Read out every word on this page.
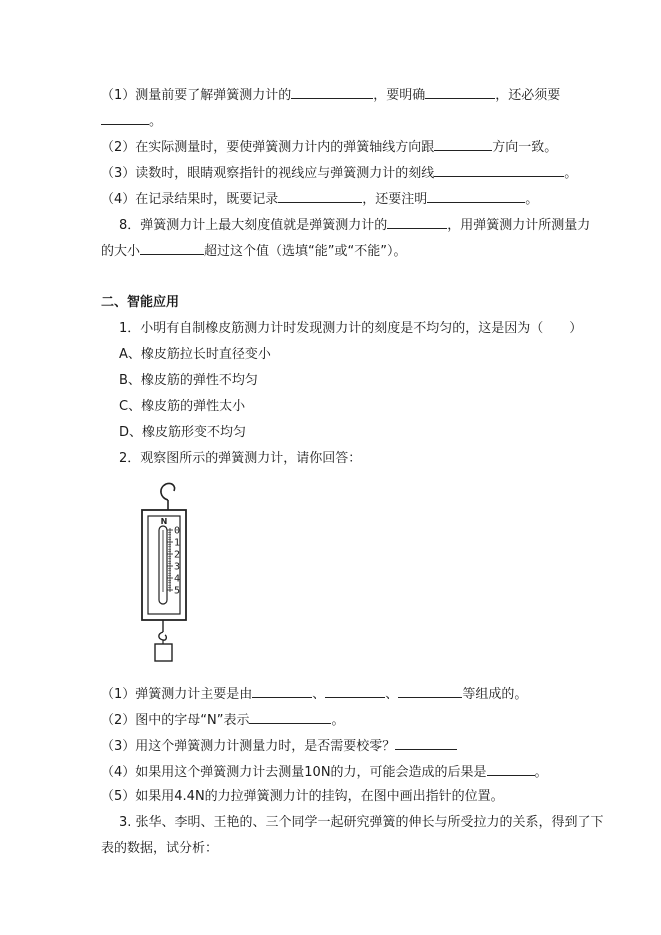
（1）测量前要了解弹簧测力计的	，要明确	，还必须要
。
（2）在实际测量时，要使弹簧测力计内的弹簧轴线方向跟	方向一致。
（3）读数时，眼睛观察指针的视线应与弹簧测力计的刻线	。
（4）在记录结果时，既要记录	，还要注明	。
8．弹簧测力计上最大刻度值就是弹簧测力计的	，用弹簧测力计所测量力
的大小	超过这个值（选填“能”或“不能”）。
二、智能应用
1．小明有自制橡皮筋测力计时发现测力计的刻度是不均匀的，这是因为（　　）
A、橡皮筋拉长时直径变小
B、橡皮筋的弹性不均匀
C、橡皮筋的弹性太小
D、橡皮筋形变不均匀
2．观察图所示的弹簧测力计，请你回答：
N
0
1
2
3
4
5
（1）弹簧测力计主要是由	、	、	等组成的。
（2）图中的字母“N”表示	。
（3）用这个弹簧测力计测量力时，是否需要校零？
（4）如果用这个弹簧测力计去测量10N的力，可能会造成的后果是	。
（5）如果用4.4N的力拉弹簧测力计的挂钩，在图中画出指针的位置。
3. 张华、李明、王艳的、三个同学一起研究弹簧的伸长与所受拉力的关系，得到了下
表的数据，试分析：
